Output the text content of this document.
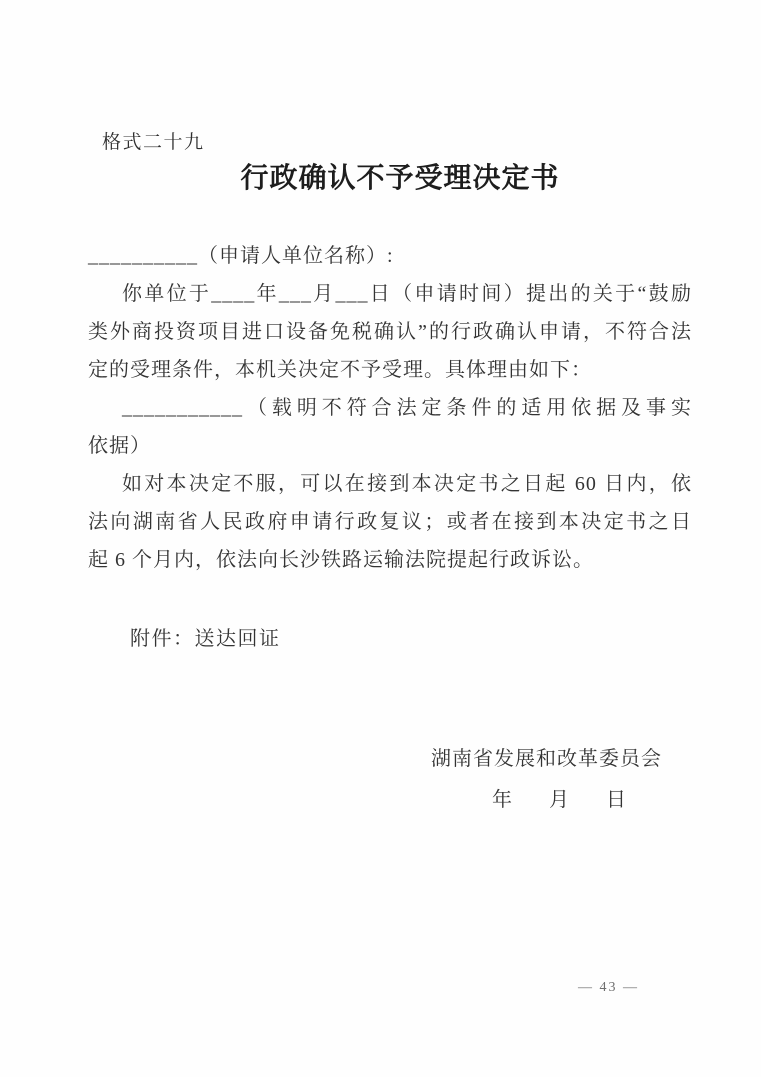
格式二十九
行政确认不予受理决定书
__________（申请人单位名称）:
你单位于____年___月___日（申请时间）提出的关于“鼓励
类外商投资项目进口设备免税确认”的行政确认申请，不符合法
定的受理条件，本机关决定不予受理。具体理由如下：
___________（载明不符合法定条件的适用依据及事实
依据）
如对本决定不服，可以在接到本决定书之日起 60 日内，依
法向湖南省人民政府申请行政复议；或者在接到本决定书之日
起 6 个月内，依法向长沙铁路运输法院提起行政诉讼。
附件：送达回证
湖南省发展和改革委员会
年 月 日
— 43 —
